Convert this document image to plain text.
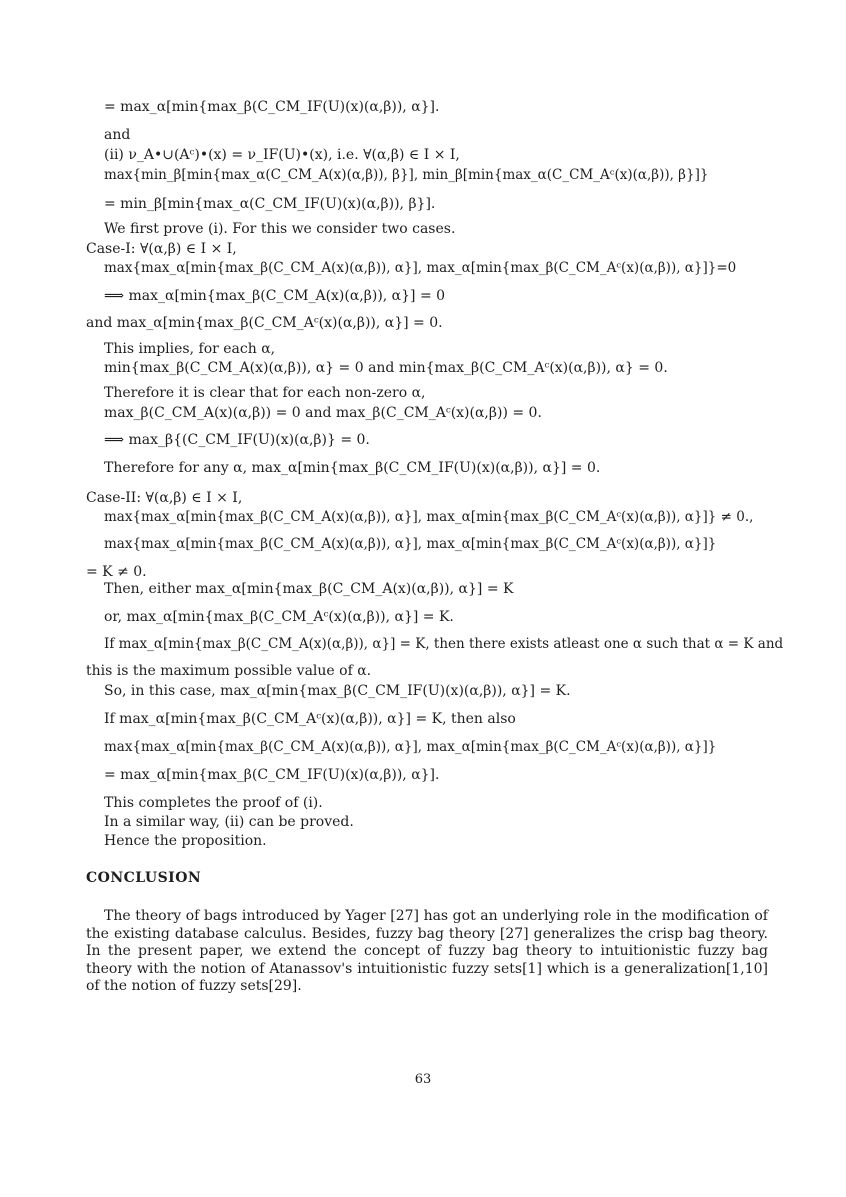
= max_α[min{max_β(C_CM_IF(U)(x)(α,β)), α}].
and
(ii) ν_A•∪(Aᶜ)•(x) = ν_IF(U)•(x), i.e. ∀(α,β) ∈ I × I,
max{min_β[min{max_α(C_CM_A(x)(α,β)), β}], min_β[min{max_α(C_CM_Aᶜ(x)(α,β)), β}]}
= min_β[min{max_α(C_CM_IF(U)(x)(α,β)), β}].
We first prove (i). For this we consider two cases.
Case-I: ∀(α,β) ∈ I × I,
max{max_α[min{max_β(C_CM_A(x)(α,β)), α}], max_α[min{max_β(C_CM_Aᶜ(x)(α,β)), α}]}=0
⟹ max_α[min{max_β(C_CM_A(x)(α,β)), α}] = 0
and max_α[min{max_β(C_CM_Aᶜ(x)(α,β)), α}] = 0.
This implies, for each α,
min{max_β(C_CM_A(x)(α,β)), α} = 0 and min{max_β(C_CM_Aᶜ(x)(α,β)), α} = 0.
Therefore it is clear that for each non-zero α,
max_β(C_CM_A(x)(α,β)) = 0 and max_β(C_CM_Aᶜ(x)(α,β)) = 0.
⟹ max_β{(C_CM_IF(U)(x)(α,β)} = 0.
Therefore for any α, max_α[min{max_β(C_CM_IF(U)(x)(α,β)), α}] = 0.
Case-II: ∀(α,β) ∈ I × I,
max{max_α[min{max_β(C_CM_A(x)(α,β)), α}], max_α[min{max_β(C_CM_Aᶜ(x)(α,β)), α}]} ≠ 0.,
max{max_α[min{max_β(C_CM_A(x)(α,β)), α}], max_α[min{max_β(C_CM_Aᶜ(x)(α,β)), α}]}
= K ≠ 0.
Then, either max_α[min{max_β(C_CM_A(x)(α,β)), α}] = K
or, max_α[min{max_β(C_CM_Aᶜ(x)(α,β)), α}] = K.
If max_α[min{max_β(C_CM_A(x)(α,β)), α}] = K, then there exists atleast one α such that α = K and
this is the maximum possible value of α.
So, in this case, max_α[min{max_β(C_CM_IF(U)(x)(α,β)), α}] = K.
If max_α[min{max_β(C_CM_Aᶜ(x)(α,β)), α}] = K, then also
max{max_α[min{max_β(C_CM_A(x)(α,β)), α}], max_α[min{max_β(C_CM_Aᶜ(x)(α,β)), α}]}
= max_α[min{max_β(C_CM_IF(U)(x)(α,β)), α}].
This completes the proof of (i).
In a similar way, (ii) can be proved.
Hence the proposition.
CONCLUSION
The theory of bags introduced by Yager [27] has got an underlying role in the modification of the existing database calculus. Besides, fuzzy bag theory [27] generalizes the crisp bag theory. In the present paper, we extend the concept of fuzzy bag theory to intuitionistic fuzzy bag theory with the notion of Atanassov's intuitionistic fuzzy sets[1] which is a generalization[1,10] of the notion of fuzzy sets[29].
63
